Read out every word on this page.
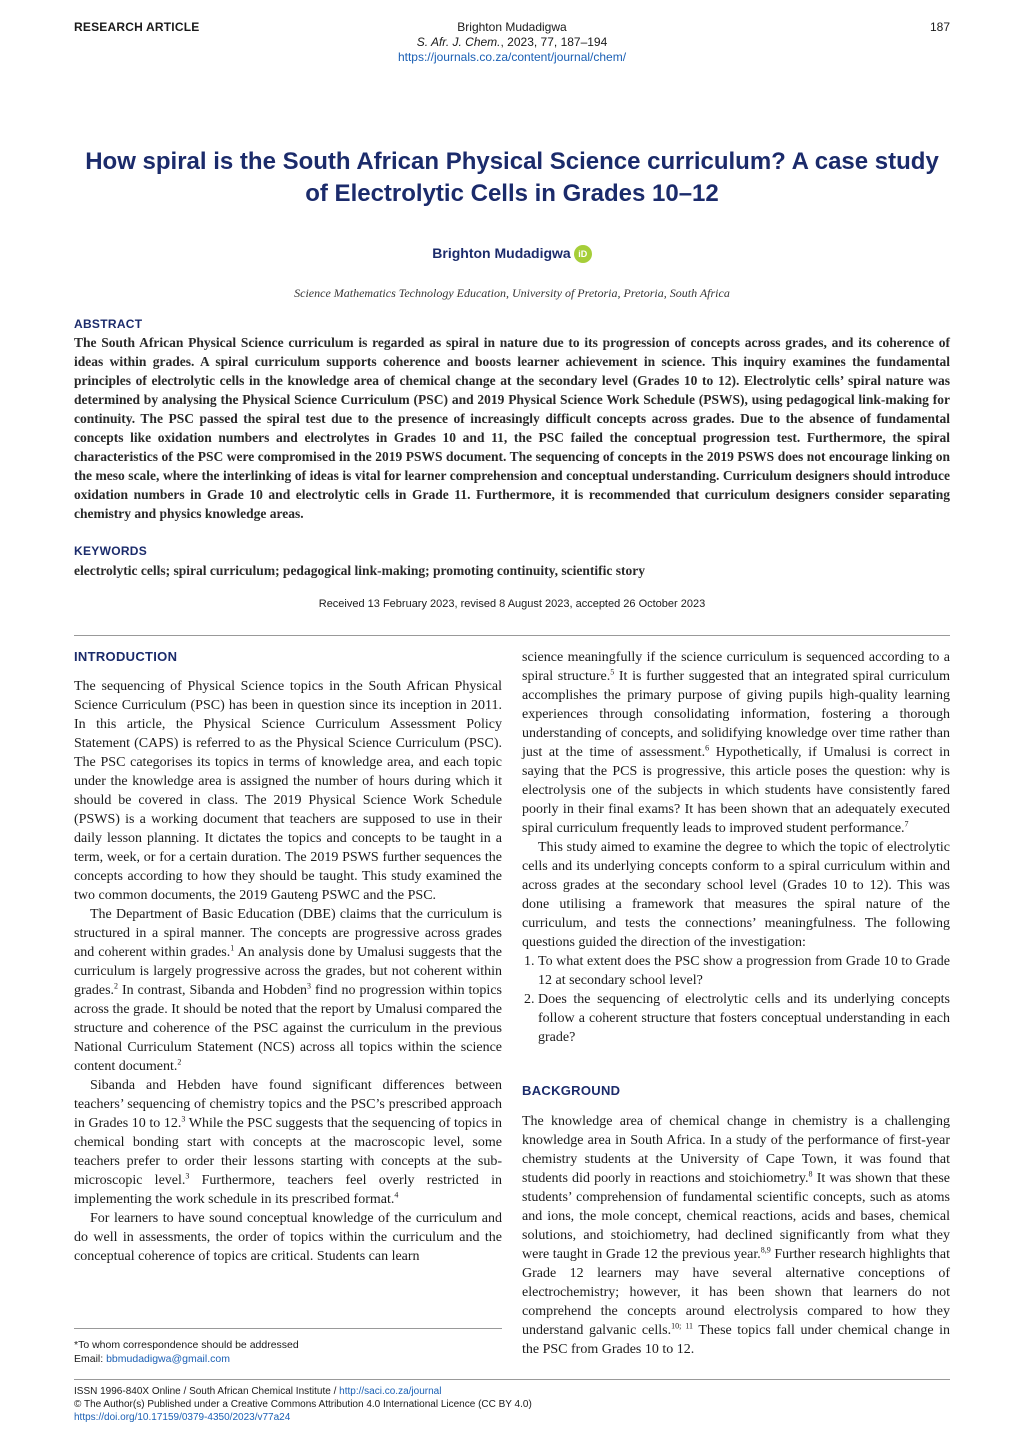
RESEARCH ARTICLE	Brighton Mudadigwa
S. Afr. J. Chem., 2023, 77, 187–194
https://journals.co.za/content/journal/chem/
187
How spiral is the South African Physical Science curriculum? A case study of Electrolytic Cells in Grades 10–12
Brighton Mudadigwa iD
Science Mathematics Technology Education, University of Pretoria, Pretoria, South Africa
ABSTRACT
The South African Physical Science curriculum is regarded as spiral in nature due to its progression of concepts across grades, and its coherence of ideas within grades. A spiral curriculum supports coherence and boosts learner achievement in science. This inquiry examines the fundamental principles of electrolytic cells in the knowledge area of chemical change at the secondary level (Grades 10 to 12). Electrolytic cells’ spiral nature was determined by analysing the Physical Science Curriculum (PSC) and 2019 Physical Science Work Schedule (PSWS), using pedagogical link-making for continuity. The PSC passed the spiral test due to the presence of increasingly difficult concepts across grades. Due to the absence of fundamental concepts like oxidation numbers and electrolytes in Grades 10 and 11, the PSC failed the conceptual progression test. Furthermore, the spiral characteristics of the PSC were compromised in the 2019 PSWS document. The sequencing of concepts in the 2019 PSWS does not encourage linking on the meso scale, where the interlinking of ideas is vital for learner comprehension and conceptual understanding. Curriculum designers should introduce oxidation numbers in Grade 10 and electrolytic cells in Grade 11. Furthermore, it is recommended that curriculum designers consider separating chemistry and physics knowledge areas.
KEYWORDS
electrolytic cells; spiral curriculum; pedagogical link-making; promoting continuity, scientific story
Received 13 February 2023, revised 8 August 2023, accepted 26 October 2023
INTRODUCTION

The sequencing of Physical Science topics in the South African Physical Science Curriculum (PSC) has been in question since its inception in 2011. In this article, the Physical Science Curriculum Assessment Policy Statement (CAPS) is referred to as the Physical Science Curriculum (PSC). The PSC categorises its topics in terms of knowledge area, and each topic under the knowledge area is assigned the number of hours during which it should be covered in class. The 2019 Physical Science Work Schedule (PSWS) is a working document that teachers are supposed to use in their daily lesson planning. It dictates the topics and concepts to be taught in a term, week, or for a certain duration. The 2019 PSWS further sequences the concepts according to how they should be taught. This study examined the two common documents, the 2019 Gauteng PSWC and the PSC.

The Department of Basic Education (DBE) claims that the curriculum is structured in a spiral manner. The concepts are progressive across grades and coherent within grades.$^1$ An analysis done by Umalusi suggests that the curriculum is largely progressive across the grades, but not coherent within grades.$^2$ In contrast, Sibanda and Hobden$^3$ find no progression within topics across the grade. It should be noted that the report by Umalusi compared the structure and coherence of the PSC against the curriculum in the previous National Curriculum Statement (NCS) across all topics within the science content document.$^2$

Sibanda and Hebden have found significant differences between teachers’ sequencing of chemistry topics and the PSC’s prescribed approach in Grades 10 to 12.$^3$ While the PSC suggests that the sequencing of topics in chemical bonding start with concepts at the macroscopic level, some teachers prefer to order their lessons starting with concepts at the sub-microscopic level.$^3$ Furthermore, teachers feel overly restricted in implementing the work schedule in its prescribed format.$^4$

For learners to have sound conceptual knowledge of the curriculum and do well in assessments, the order of topics within the curriculum and the conceptual coherence of topics are critical. Students can learn

science meaningfully if the science curriculum is sequenced according to a spiral structure.$^5$ It is further suggested that an integrated spiral curriculum accomplishes the primary purpose of giving pupils high-quality learning experiences through consolidating information, fostering a thorough understanding of concepts, and solidifying knowledge over time rather than just at the time of assessment.$^6$ Hypothetically, if Umalusi is correct in saying that the PCS is progressive, this article poses the question: why is electrolysis one of the subjects in which students have consistently fared poorly in their final exams? It has been shown that an adequately executed spiral curriculum frequently leads to improved student performance.$^7$

This study aimed to examine the degree to which the topic of electrolytic cells and its underlying concepts conform to a spiral curriculum within and across grades at the secondary school level (Grades 10 to 12). This was done utilising a framework that measures the spiral nature of the curriculum, and tests the connections’ meaningfulness. The following questions guided the direction of the investigation:

1. To what extent does the PSC show a progression from Grade 10 to Grade 12 at secondary school level?
2. Does the sequencing of electrolytic cells and its underlying concepts follow a coherent structure that fosters conceptual understanding in each grade?
BACKGROUND

The knowledge area of chemical change in chemistry is a challenging knowledge area in South Africa. In a study of the performance of first-year chemistry students at the University of Cape Town, it was found that students did poorly in reactions and stoichiometry.$^8$ It was shown that these students’ comprehension of fundamental scientific concepts, such as atoms and ions, the mole concept, chemical reactions, acids and bases, chemical solutions, and stoichiometry, had declined significantly from what they were taught in Grade 12 the previous year.$^{8,9}$ Further research highlights that Grade 12 learners may have several alternative conceptions of electrochemistry; however, it has been shown that learners do not comprehend the concepts around electrolysis compared to how they understand galvanic cells.$^{10; 11}$ These topics fall under chemical change in the PSC from Grades 10 to 12.

*To whom correspondence should be addressed
Email: bbmudadigwa@gmail.com
ISSN 1996-840X Online / South African Chemical Institute / http://saci.co.za/journal
© The Author(s) Published under a Creative Commons Attribution 4.0 International Licence (CC BY 4.0)
https://doi.org/10.17159/0379-4350/2023/v77a24
